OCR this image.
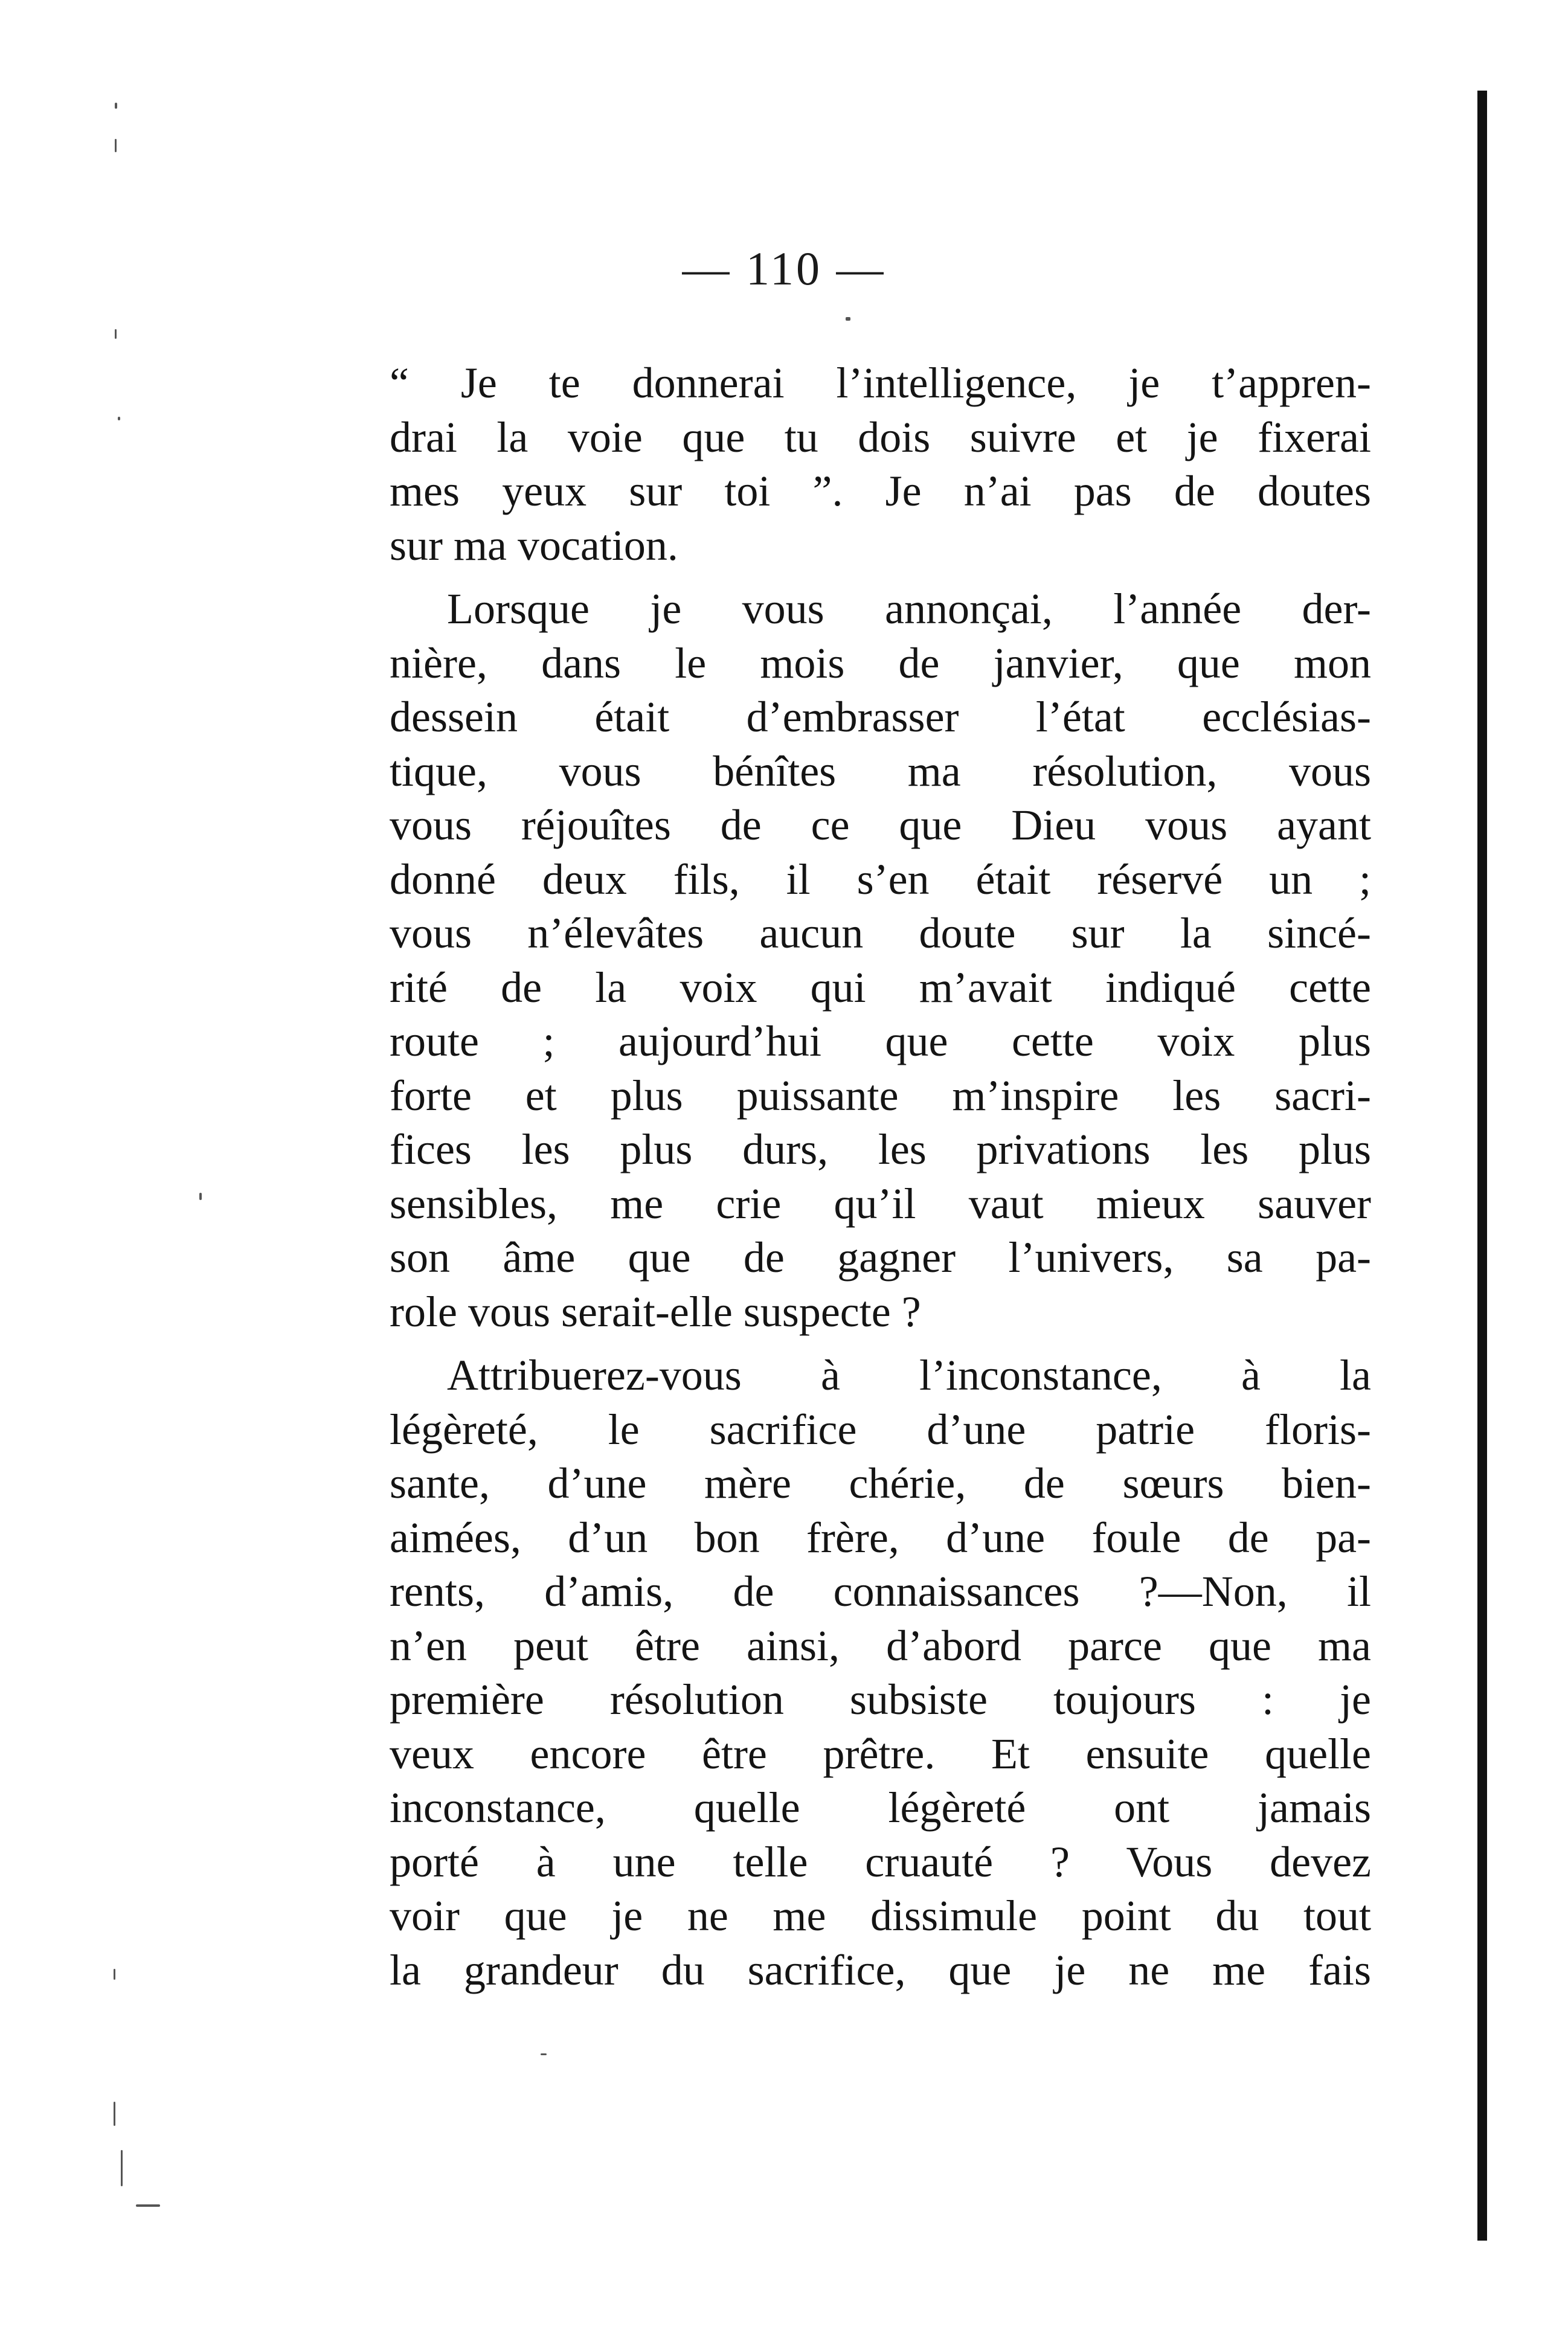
— 110 —
“ Je te donnerai l’intelligence, je t’appren-
drai la voie que tu dois suivre et je fixerai
mes yeux sur toi ”. Je n’ai pas de doutes
sur ma vocation.
Lorsque je vous annonçai, l’année der-
nière, dans le mois de janvier, que mon
dessein était d’embrasser l’état ecclésias-
tique, vous bénîtes ma résolution, vous
vous réjouîtes de ce que Dieu vous ayant
donné deux fils, il s’en était réservé un ;
vous n’élevâtes aucun doute sur la sincé-
rité de la voix qui m’avait indiqué cette
route ; aujourd’hui que cette voix plus
forte et plus puissante m’inspire les sacri-
fices les plus durs, les privations les plus
sensibles, me crie qu’il vaut mieux sauver
son âme que de gagner l’univers, sa pa-
role vous serait-elle suspecte ?
Attribuerez-vous à l’inconstance, à la
légèreté, le sacrifice d’une patrie floris-
sante, d’une mère chérie, de sœurs bien-
aimées, d’un bon frère, d’une foule de pa-
rents, d’amis, de connaissances ?—Non, il
n’en peut être ainsi, d’abord parce que ma
première résolution subsiste toujours : je
veux encore être prêtre. Et ensuite quelle
inconstance, quelle légèreté ont jamais
porté à une telle cruauté ? Vous devez
voir que je ne me dissimule point du tout
la grandeur du sacrifice, que je ne me fais
